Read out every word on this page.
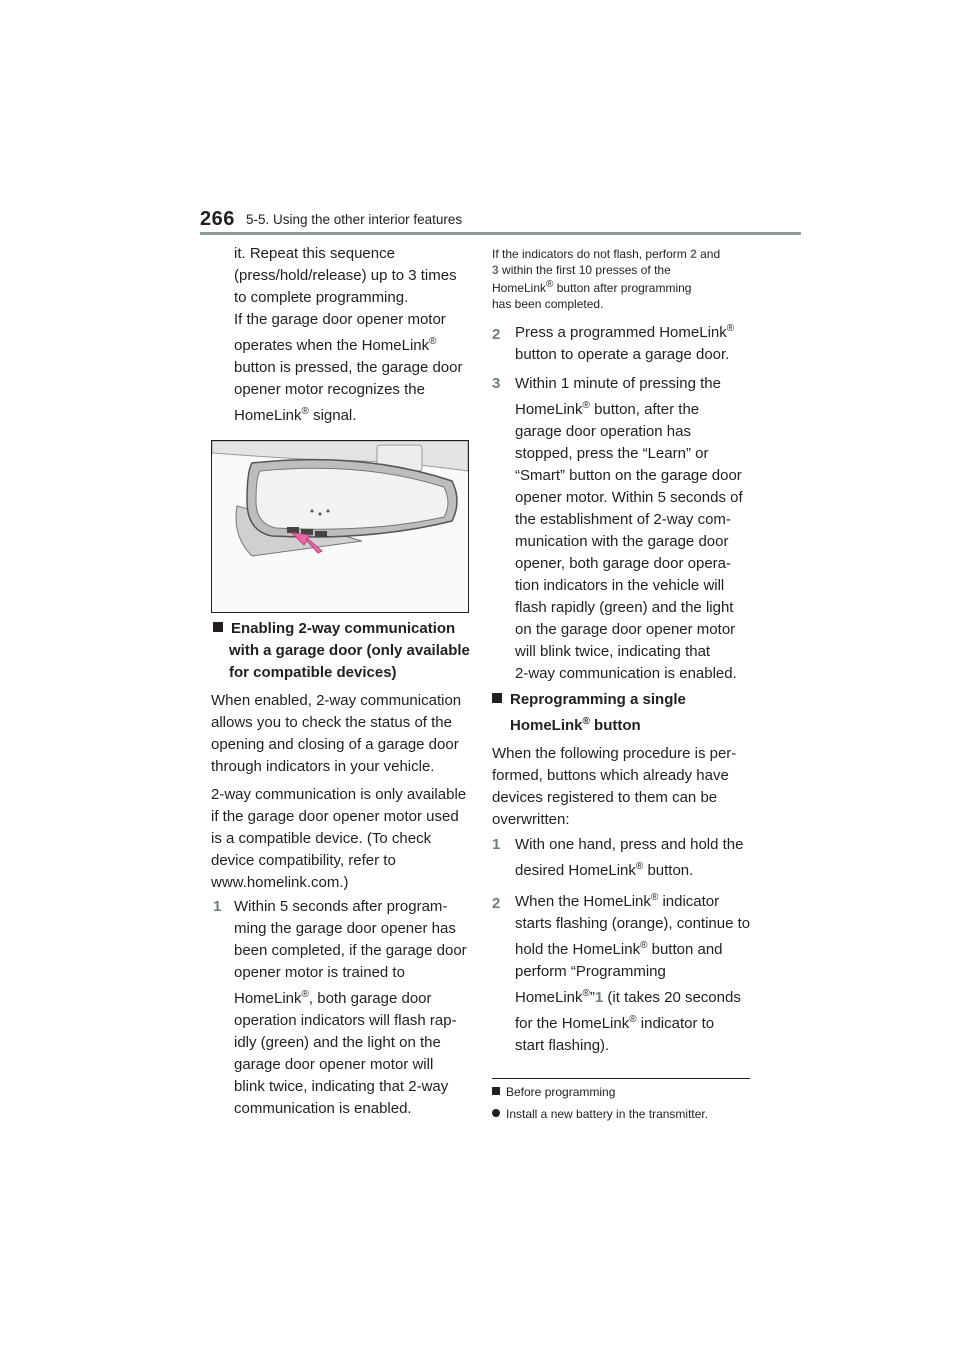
266 5-5. Using the other interior features
it. Repeat this sequence
(press/hold/release) up to 3 times
to complete programming.
If the garage door opener motor
operates when the HomeLink®
button is pressed, the garage door
opener motor recognizes the
HomeLink® signal.
Enabling 2-way communication
with a garage door (only available
for compatible devices)
When enabled, 2-way communication
allows you to check the status of the
opening and closing of a garage door
through indicators in your vehicle.
2-way communication is only available
if the garage door opener motor used
is a compatible device. (To check
device compatibility, refer to
www.homelink.com.)
1 Within 5 seconds after program-
ming the garage door opener has
been completed, if the garage door
opener motor is trained to
HomeLink®, both garage door
operation indicators will flash rap-
idly (green) and the light on the
garage door opener motor will
blink twice, indicating that 2-way
communication is enabled.
If the indicators do not flash, perform 2 and
3 within the first 10 presses of the
HomeLink® button after programming
has been completed.
2 Press a programmed HomeLink®
button to operate a garage door.
3 Within 1 minute of pressing the
HomeLink® button, after the
garage door operation has
stopped, press the “Learn” or
“Smart” button on the garage door
opener motor. Within 5 seconds of
the establishment of 2-way com-
munication with the garage door
opener, both garage door opera-
tion indicators in the vehicle will
flash rapidly (green) and the light
on the garage door opener motor
will blink twice, indicating that
2-way communication is enabled.
Reprogramming a single
HomeLink® button
When the following procedure is per-
formed, buttons which already have
devices registered to them can be
overwritten:
1 With one hand, press and hold the
desired HomeLink® button.
2 When the HomeLink® indicator
starts flashing (orange), continue to
hold the HomeLink® button and
perform “Programming
HomeLink®”1 (it takes 20 seconds
for the HomeLink® indicator to
start flashing).
Before programming
Install a new battery in the transmitter.
